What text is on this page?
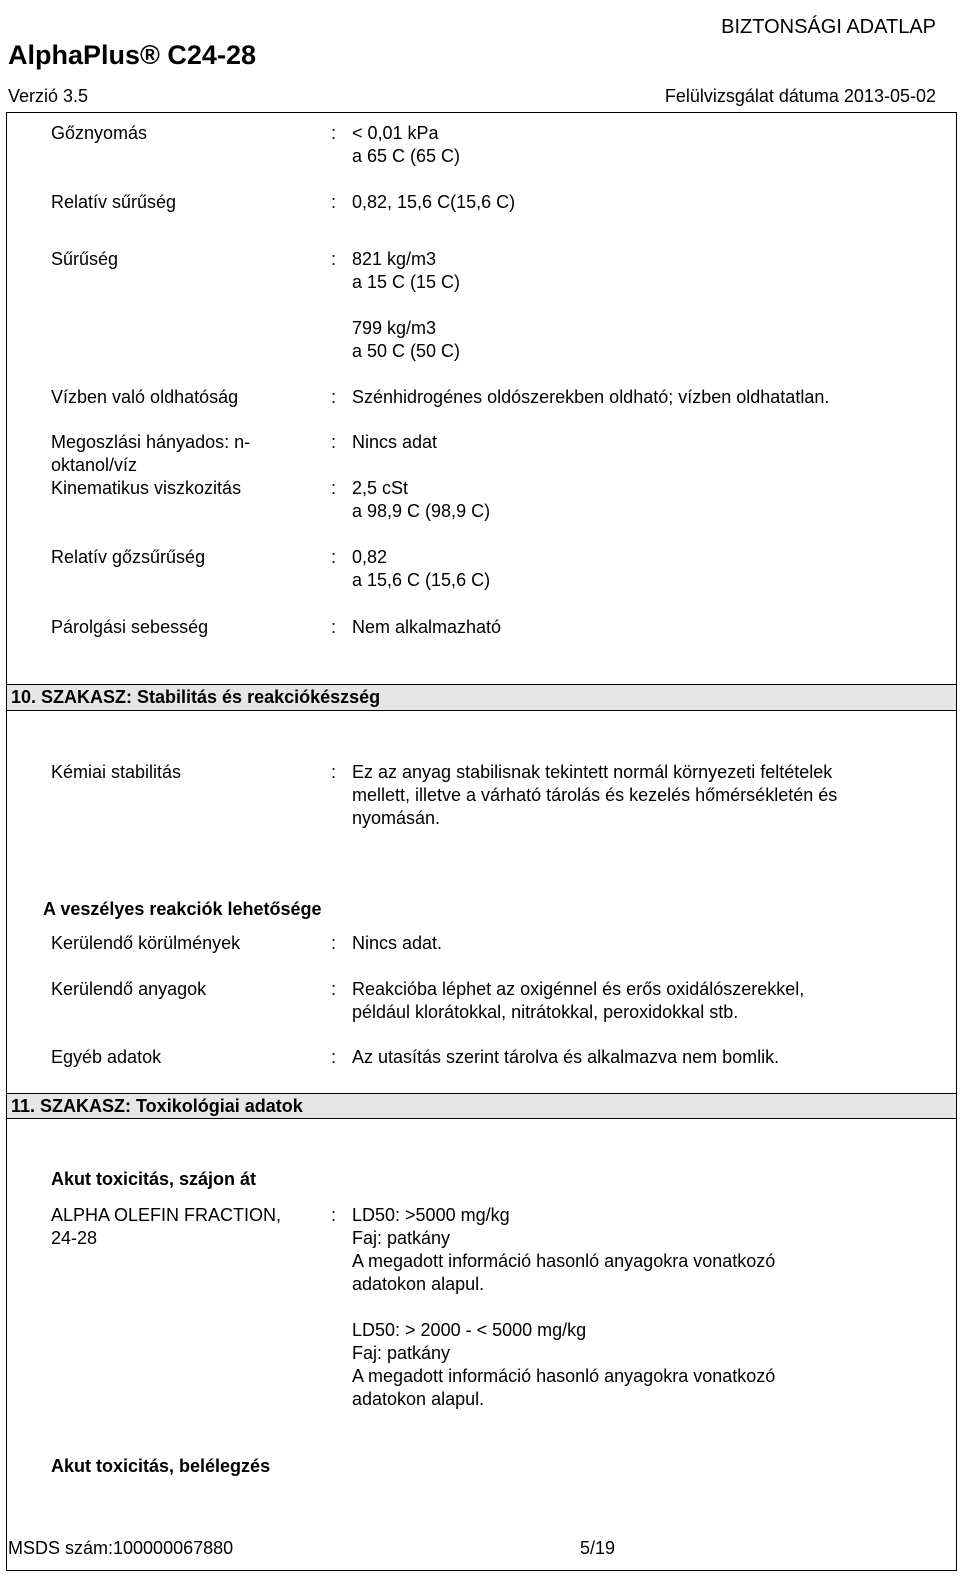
BIZTONSÁGI ADATLAP
AlphaPlus® C24-28
Verzió 3.5	Felülvizsgálat dátuma 2013-05-02
Gőznyomás	: < 0,01 kPa
a 65 C (65 C)
Relatív sűrűség	: 0,82, 15,6 C(15,6 C)
Sűrűség	: 821 kg/m3
a 15 C (15 C)
799 kg/m3
a 50 C (50 C)
Vízben való oldhatóság	: Szénhidrogénes oldószerekben oldható; vízben oldhatatlan.
Megoszlási hányados: n-
oktanol/víz
: Nincs adat
Kinematikus viszkozitás	: 2,5 cSt
a 98,9 C (98,9 C)
Relatív gőzsűrűség	: 0,82
a 15,6 C (15,6 C)
Párolgási sebesség	: Nem alkalmazható
10. SZAKASZ: Stabilitás és reakciókészség
Kémiai stabilitás	: Ez az anyag stabilisnak tekintett normál környezeti feltételek
mellett, illetve a várható tárolás és kezelés hőmérsékletén és
nyomásán.
A veszélyes reakciók lehetősége
Kerülendő körülmények	: Nincs adat.
Kerülendő anyagok	: Reakcióba léphet az oxigénnel és erős oxidálószerekkel,
például klorátokkal, nitrátokkal, peroxidokkal stb.
Egyéb adatok	: Az utasítás szerint tárolva és alkalmazva nem bomlik.
11. SZAKASZ: Toxikológiai adatok
Akut toxicitás, szájon át
ALPHA OLEFIN FRACTION,
24-28
: LD50: >5000 mg/kg
Faj: patkány
A megadott információ hasonló anyagokra vonatkozó
adatokon alapul.
LD50: > 2000 - < 5000 mg/kg
Faj: patkány
A megadott információ hasonló anyagokra vonatkozó
adatokon alapul.
Akut toxicitás, belélegzés
MSDS szám:100000067880	5/19
